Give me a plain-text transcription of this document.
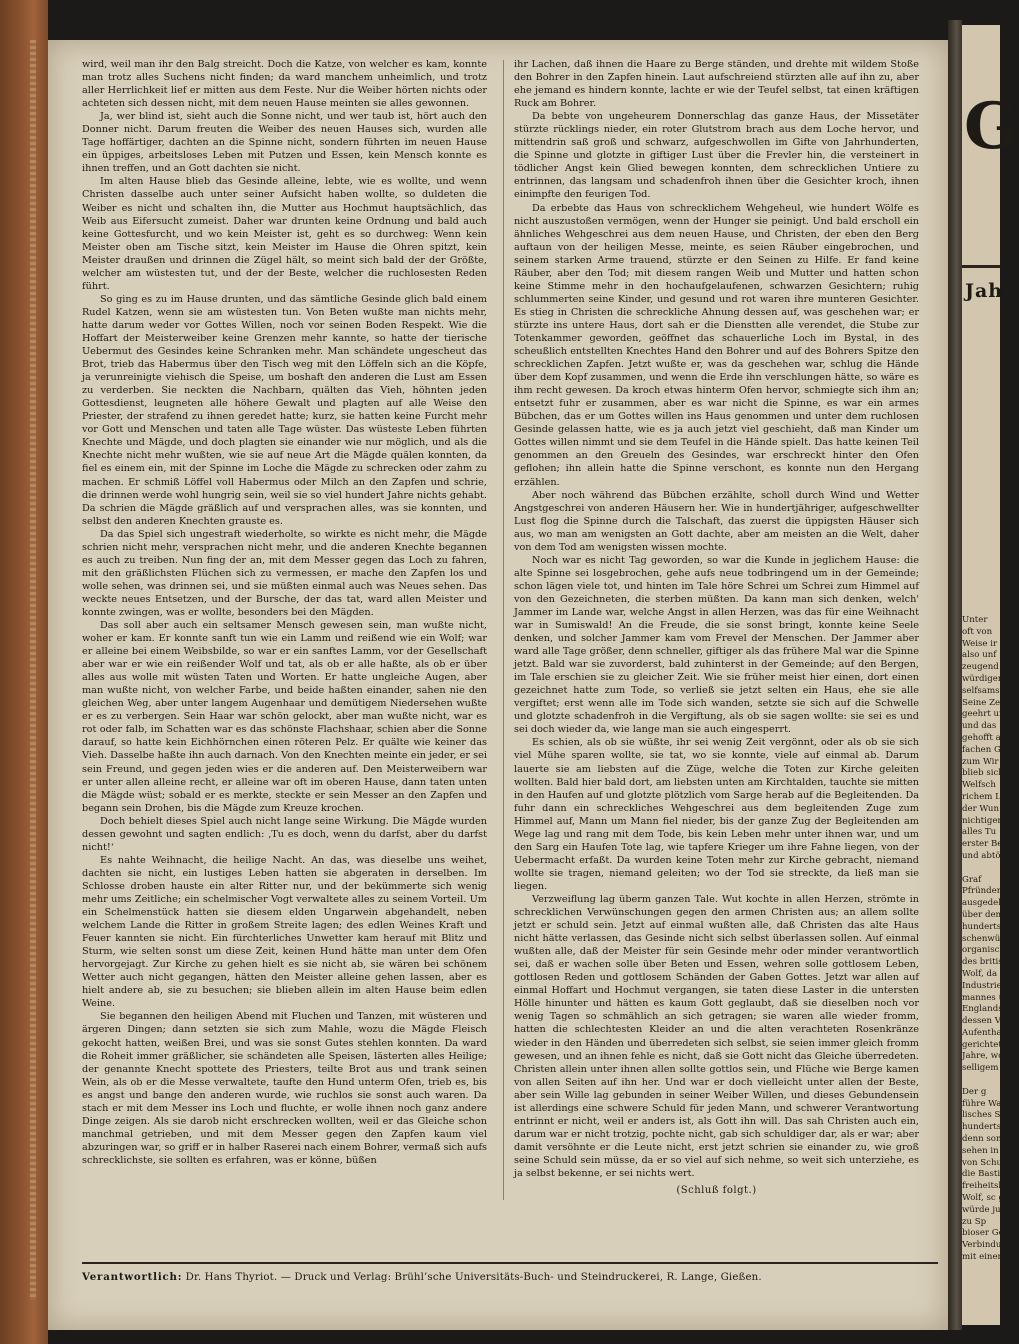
wird, weil man ihr den Balg streicht. Doch die Katze, von welcher es kam, konnte man trotz alles Suchens nicht finden; da ward manchem unheimlich, und trotz aller Herrlichkeit lief er mitten aus dem Feste. Nur die Weiber hörten nichts oder achteten sich dessen nicht, mit dem neuen Hause meinten sie alles gewonnen.

Ja, wer blind ist, sieht auch die Sonne nicht, und wer taub ist, hört auch den Donner nicht. Darum freuten die Weiber des neuen Hauses sich, wurden alle Tage hoffärtiger, dachten an die Spinne nicht, sondern führten im neuen Hause ein üppiges, arbeitsloses Leben mit Putzen und Essen, kein Mensch konnte es ihnen treffen, und an Gott dachten sie nicht.

Im alten Hause blieb das Gesinde alleine, lebte, wie es wollte, und wenn Christen dasselbe auch unter seiner Aufsicht haben wollte, so duldeten die Weiber es nicht und schalten ihn, die Mutter aus Hochmut hauptsächlich, das Weib aus Eifersucht zumeist. Daher war drunten keine Ordnung und bald auch keine Gottesfurcht, und wo kein Meister ist, geht es so durchweg: Wenn kein Meister oben am Tische sitzt, kein Meister im Hause die Ohren spitzt, kein Meister draußen und drinnen die Zügel hält, so meint sich bald der der Größte, welcher am wüstesten tut, und der der Beste, welcher die ruchlosesten Reden führt.

So ging es zu im Hause drunten, und das sämtliche Gesinde glich bald einem Rudel Katzen, wenn sie am wüstesten tun. Von Beten wußte man nichts mehr, hatte darum weder vor Gottes Willen, noch vor seinen Boden Respekt. Wie die Hoffart der Meisterweiber keine Grenzen mehr kannte, so hatte der tierische Uebermut des Gesindes keine Schranken mehr. Man schändete ungescheut das Brot, trieb das Habermus über den Tisch weg mit den Löffeln sich an die Köpfe, ja verunreinigte viehisch die Speise, um boshaft den anderen die Lust am Essen zu verderben. Sie neckten die Nachbarn, quälten das Vieh, höhnten jeden Gottesdienst, leugneten alle höhere Gewalt und plagten auf alle Weise den Priester, der strafend zu ihnen geredet hatte; kurz, sie hatten keine Furcht mehr vor Gott und Menschen und taten alle Tage wüster. Das wüsteste Leben führten Knechte und Mägde, und doch plagten sie einander wie nur möglich, und als die Knechte nicht mehr wußten, wie sie auf neue Art die Mägde quälen konnten, da fiel es einem ein, mit der Spinne im Loche die Mägde zu schrecken oder zahm zu machen. Er schmiß Löffel voll Habermus oder Milch an den Zapfen und schrie, die drinnen werde wohl hungrig sein, weil sie so viel hundert Jahre nichts gehabt. Da schrien die Mägde gräßlich auf und versprachen alles, was sie konnten, und selbst den anderen Knechten grauste es.

Da das Spiel sich ungestraft wiederholte, so wirkte es nicht mehr, die Mägde schrien nicht mehr, versprachen nicht mehr, und die anderen Knechte begannen es auch zu treiben. Nun fing der an, mit dem Messer gegen das Loch zu fahren, mit den gräßlichsten Flüchen sich zu vermessen, er mache den Zapfen los und wolle sehen, was drinnen sei, und sie müßten einmal auch was Neues sehen. Das weckte neues Entsetzen, und der Bursche, der das tat, ward allen Meister und konnte zwingen, was er wollte, besonders bei den Mägden.

Das soll aber auch ein seltsamer Mensch gewesen sein, man wußte nicht, woher er kam. Er konnte sanft tun wie ein Lamm und reißend wie ein Wolf; war er alleine bei einem Weibsbilde, so war er ein sanftes Lamm, vor der Gesellschaft aber war er wie ein reißender Wolf und tat, als ob er alle haßte, als ob er über alles aus wolle mit wüsten Taten und Worten. Er hatte ungleiche Augen, aber man wußte nicht, von welcher Farbe, und beide haßten einander, sahen nie den gleichen Weg, aber unter langem Augenhaar und demütigem Niedersehen wußte er es zu verbergen. Sein Haar war schön gelockt, aber man wußte nicht, war es rot oder falb, im Schatten war es das schönste Flachshaar, schien aber die Sonne darauf, so hatte kein Eichhörnchen einen röteren Pelz. Er quälte wie keiner das Vieh. Dasselbe haßte ihn auch darnach. Von den Knechten meinte ein jeder, er sei sein Freund, und gegen jeden wies er die anderen auf. Den Meisterweibern war er unter allen alleine recht, er alleine war oft im oberen Hause, dann taten unten die Mägde wüst; sobald er es merkte, steckte er sein Messer an den Zapfen und begann sein Drohen, bis die Mägde zum Kreuze krochen.

Doch behielt dieses Spiel auch nicht lange seine Wirkung. Die Mägde wurden dessen gewohnt und sagten endlich: ‚Tu es doch, wenn du darfst, aber du darfst nicht!‘

Es nahte Weihnacht, die heilige Nacht. An das, was dieselbe uns weihet, dachten sie nicht, ein lustiges Leben hatten sie abgeraten in derselben. Im Schlosse droben hauste ein alter Ritter nur, und der bekümmerte sich wenig mehr ums Zeitliche; ein schelmischer Vogt verwaltete alles zu seinem Vorteil. Um ein Schelmenstück hatten sie diesem elden Ungarwein abgehandelt, neben welchem Lande die Ritter in großem Streite lagen; des edlen Weines Kraft und Feuer kannten sie nicht. Ein fürchterliches Unwetter kam herauf mit Blitz und Sturm, wie selten sonst um diese Zeit, keinen Hund hätte man unter dem Ofen hervorgejagt. Zur Kirche zu gehen hielt es sie nicht ab, sie wären bei schönem Wetter auch nicht gegangen, hätten den Meister alleine gehen lassen, aber es hielt andere ab, sie zu besuchen; sie blieben allein im alten Hause beim edlen Weine.

Sie begannen den heiligen Abend mit Fluchen und Tanzen, mit wüsteren und ärgeren Dingen; dann setzten sie sich zum Mahle, wozu die Mägde Fleisch gekocht hatten, weißen Brei, und was sie sonst Gutes stehlen konnten. Da ward die Roheit immer gräßlicher, sie schändeten alle Speisen, lästerten alles Heilige; der genannte Knecht spottete des Priesters, teilte Brot aus und trank seinen Wein, als ob er die Messe verwaltete, taufte den Hund unterm Ofen, trieb es, bis es angst und bange den anderen wurde, wie ruchlos sie sonst auch waren. Da stach er mit dem Messer ins Loch und fluchte, er wolle ihnen noch ganz andere Dinge zeigen. Als sie darob nicht erschrecken wollten, weil er das Gleiche schon manchmal getrieben, und mit dem Messer gegen den Zapfen kaum viel abzuringen war, so griff er in halber Raserei nach einem Bohrer, vermaß sich aufs schrecklichste, sie sollten es erfahren, was er könne, büßen

ihr Lachen, daß ihnen die Haare zu Berge ständen, und drehte mit wildem Stoße den Bohrer in den Zapfen hinein. Laut aufschreiend stürzten alle auf ihn zu, aber ehe jemand es hindern konnte, lachte er wie der Teufel selbst, tat einen kräftigen Ruck am Bohrer.

Da bebte von ungeheurem Donnerschlag das ganze Haus, der Missetäter stürzte rücklings nieder, ein roter Glutstrom brach aus dem Loche hervor, und mittendrin saß groß und schwarz, aufgeschwollen im Gifte von Jahrhunderten, die Spinne und glotzte in giftiger Lust über die Frevler hin, die versteinert in tödlicher Angst kein Glied bewegen konnten, dem schrecklichen Untiere zu entrinnen, das langsam und schadenfroh ihnen über die Gesichter kroch, ihnen einimpfte den feurigen Tod.

Da erbebte das Haus von schrecklichem Wehgeheul, wie hundert Wölfe es nicht auszustoßen vermögen, wenn der Hunger sie peinigt. Und bald erscholl ein ähnliches Wehgeschrei aus dem neuen Hause, und Christen, der eben den Berg auftaun von der heiligen Messe, meinte, es seien Räuber eingebrochen, und seinem starken Arme trauend, stürzte er den Seinen zu Hilfe. Er fand keine Räuber, aber den Tod; mit diesem rangen Weib und Mutter und hatten schon keine Stimme mehr in den hochaufgelaufenen, schwarzen Gesichtern; ruhig schlummerten seine Kinder, und gesund und rot waren ihre munteren Gesichter. Es stieg in Christen die schreckliche Ahnung dessen auf, was geschehen war; er stürzte ins untere Haus, dort sah er die Dienstten alle verendet, die Stube zur Totenkammer geworden, geöffnet das schauerliche Loch im Bystal, in des scheußlich entstellten Knechtes Hand den Bohrer und auf des Bohrers Spitze den schrecklichen Zapfen. Jetzt wußte er, was da geschehen war, schlug die Hände über dem Kopf zusammen, und wenn die Erde ihn verschlungen hätte, so wäre es ihm recht gewesen. Da kroch etwas hinterm Ofen hervor, schmiegte sich ihm an; entsetzt fuhr er zusammen, aber es war nicht die Spinne, es war ein armes Bübchen, das er um Gottes willen ins Haus genommen und unter dem ruchlosen Gesinde gelassen hatte, wie es ja auch jetzt viel geschieht, daß man Kinder um Gottes willen nimmt und sie dem Teufel in die Hände spielt. Das hatte keinen Teil genommen an den Greueln des Gesindes, war erschreckt hinter den Ofen geflohen; ihn allein hatte die Spinne verschont, es konnte nun den Hergang erzählen.

Aber noch während das Bübchen erzählte, scholl durch Wind und Wetter Angstgeschrei von anderen Häusern her. Wie in hundertjähriger, aufgeschwellter Lust flog die Spinne durch die Talschaft, das zuerst die üppigsten Häuser sich aus, wo man am wenigsten an Gott dachte, aber am meisten an die Welt, daher von dem Tod am wenigsten wissen mochte.

Noch war es nicht Tag geworden, so war die Kunde in jeglichem Hause: die alte Spinne sei losgebrochen, gehe aufs neue todbringend um in der Gemeinde; schon lägen viele tot, und hinten im Tale höre Schrei um Schrei zum Himmel auf von den Gezeichneten, die sterben müßten. Da kann man sich denken, welch' Jammer im Lande war, welche Angst in allen Herzen, was das für eine Weihnacht war in Sumiswald! An die Freude, die sie sonst bringt, konnte keine Seele denken, und solcher Jammer kam vom Frevel der Menschen. Der Jammer aber ward alle Tage größer, denn schneller, giftiger als das frühere Mal war die Spinne jetzt. Bald war sie zuvorderst, bald zuhinterst in der Gemeinde; auf den Bergen, im Tale erschien sie zu gleicher Zeit. Wie sie früher meist hier einen, dort einen gezeichnet hatte zum Tode, so verließ sie jetzt selten ein Haus, ehe sie alle vergiftet; erst wenn alle im Tode sich wanden, setzte sie sich auf die Schwelle und glotzte schadenfroh in die Vergiftung, als ob sie sagen wollte: sie sei es und sei doch wieder da, wie lange man sie auch eingesperrt.

Es schien, als ob sie wüßte, ihr sei wenig Zeit vergönnt, oder als ob sie sich viel Mühe sparen wollte, sie tat, wo sie konnte, viele auf einmal ab. Darum lauerte sie am liebsten auf die Züge, welche die Toten zur Kirche geleiten wollten. Bald hier bald dort, am liebsten unten am Kirchtalden, tauchte sie mitten in den Haufen auf und glotzte plötzlich vom Sarge herab auf die Begleitenden. Da fuhr dann ein schreckliches Wehgeschrei aus dem begleitenden Zuge zum Himmel auf, Mann um Mann fiel nieder, bis der ganze Zug der Begleitenden am Wege lag und rang mit dem Tode, bis kein Leben mehr unter ihnen war, und um den Sarg ein Haufen Tote lag, wie tapfere Krieger um ihre Fahne liegen, von der Uebermacht erfaßt. Da wurden keine Toten mehr zur Kirche gebracht, niemand wollte sie tragen, niemand geleiten; wo der Tod sie streckte, da ließ man sie liegen.

Verzweiflung lag überm ganzen Tale. Wut kochte in allen Herzen, strömte in schrecklichen Verwünschungen gegen den armen Christen aus; an allem sollte jetzt er schuld sein. Jetzt auf einmal wußten alle, daß Christen das alte Haus nicht hätte verlassen, das Gesinde nicht sich selbst überlassen sollen. Auf einmal wußten alle, daß der Meister für sein Gesinde mehr oder minder verantwortlich sei, daß er wachen solle über Beten und Essen, wehren solle gottlosem Leben, gottlosen Reden und gottlosem Schänden der Gaben Gottes. Jetzt war allen auf einmal Hoffart und Hochmut vergangen, sie taten diese Laster in die untersten Hölle hinunter und hätten es kaum Gott geglaubt, daß sie dieselben noch vor wenig Tagen so schmählich an sich getragen; sie waren alle wieder fromm, hatten die schlechtesten Kleider an und die alten verachteten Rosenkränze wieder in den Händen und überredeten sich selbst, sie seien immer gleich fromm gewesen, und an ihnen fehle es nicht, daß sie Gott nicht das Gleiche überredeten. Christen allein unter ihnen allen sollte gottlos sein, und Flüche wie Berge kamen von allen Seiten auf ihn her. Und war er doch vielleicht unter allen der Beste, aber sein Wille lag gebunden in seiner Weiber Willen, und dieses Gebundensein ist allerdings eine schwere Schuld für jeden Mann, und schwerer Verantwortung entrinnt er nicht, weil er anders ist, als Gott ihn will. Das sah Christen auch ein, darum war er nicht trotzig, pochte nicht, gab sich schuldiger dar, als er war; aber damit versöhnte er die Leute nicht, erst jetzt schrien sie einander zu, wie groß seine Schuld sein müsse, da er so viel auf sich nehme, so weit sich unterziehe, es ja selbst bekenne, er sei nichts wert.

(Schluß folgt.)
Verantwortlich: Dr. Hans Thyriot. — Druck und Verlag: Brühl’sche Universitäts-Buch- und Steindruckerei, R. Lange, Gießen.
G
Jahr
Unter
oft von
Weise ir
also unf
zeugend
würdiger
selfsamste
Seine Ze
geehrt un
und das
gehofft a
fachen G
zum Wir
blieb sich
Welfsch
richem L
der Wun
nichtiger
alles Tu
erster Be
und abtö

Graf
Pfründen
ausgedehr
über den
hunderts,
schenwürd
organisch
des britis
Wolf, da
Industrie
mannes ü
Englands
dessen Ve
Aufenthal
gerichtet,
Jahre, wo
selligem U

Der g
führe Wan
lisches Sei
hunderts,
denn sonst
sehen in
von Schu
die Bastill
freiheitsbi
Wolf, sc gt
würde ju
zu Sp
bioser Ges
Verbindun
mit einem
